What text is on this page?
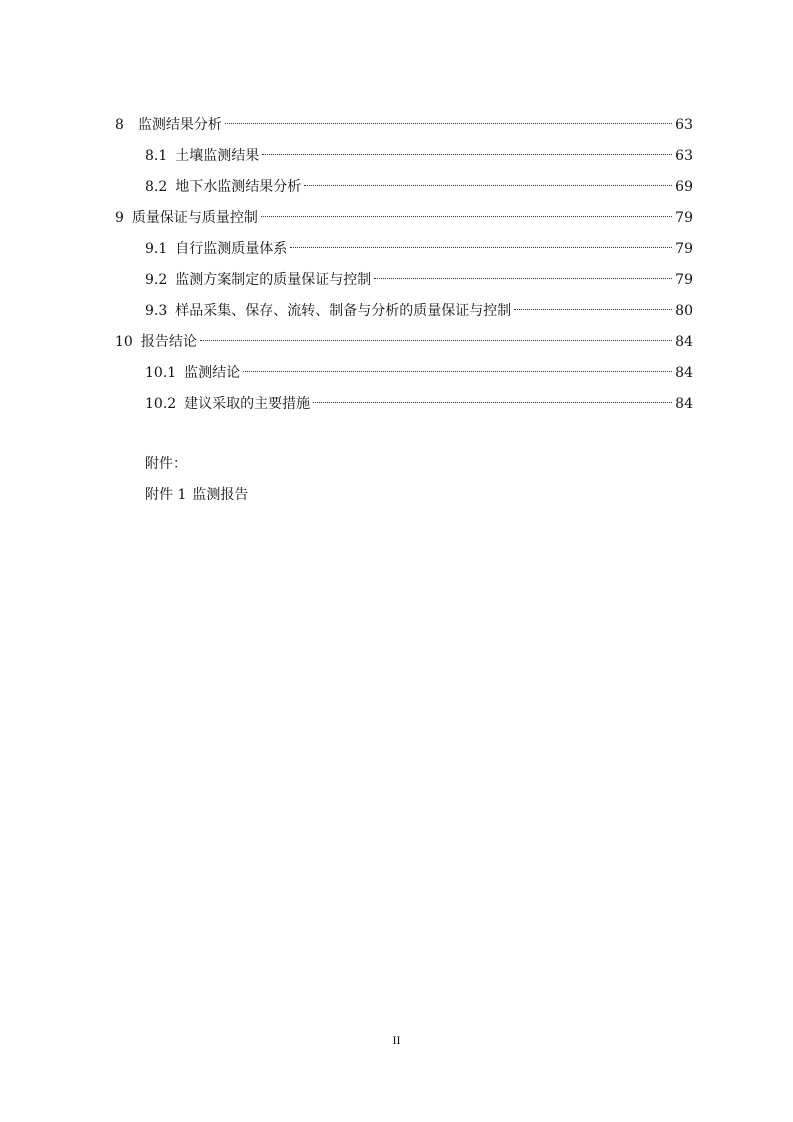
8	监测结果分析	63
8.1 土壤监测结果	63
8.2 地下水监测结果分析	69
9 质量保证与质量控制	79
9.1 自行监测质量体系	79
9.2 监测方案制定的质量保证与控制	79
9.3 样品采集、保存、流转、制备与分析的质量保证与控制	80
10 报告结论	84
10.1 监测结论	84
10.2 建议采取的主要措施	84
附件：
附件 1 监测报告
II
